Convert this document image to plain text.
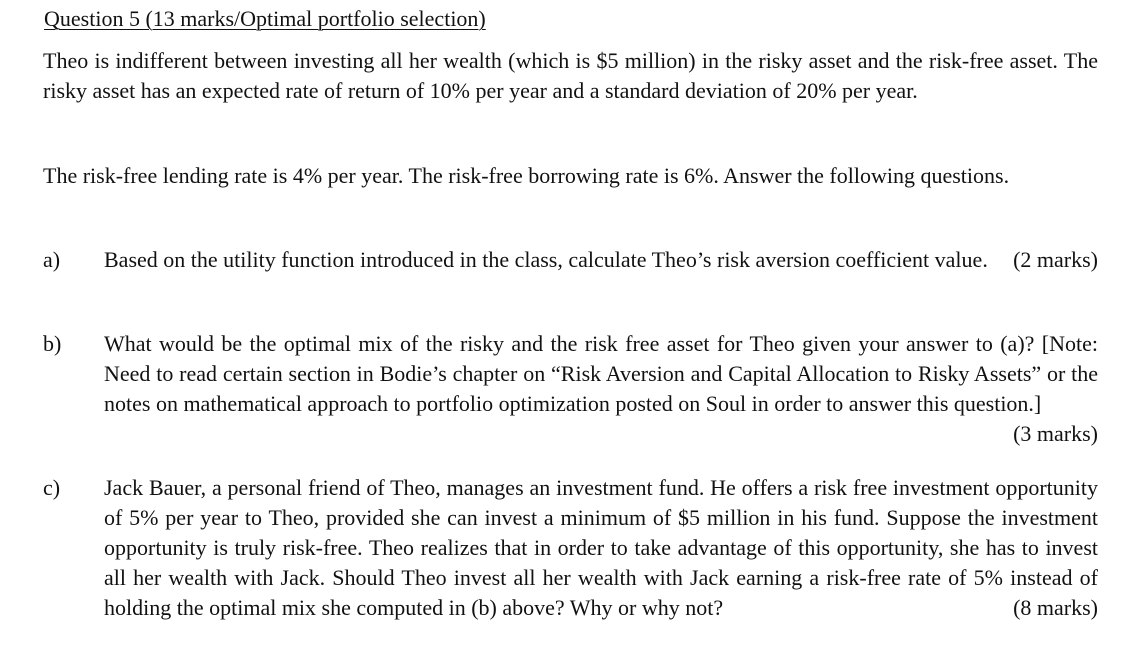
Question 5 (13 marks/Optimal portfolio selection)
Theo is indifferent between investing all her wealth (which is $5 million) in the risky asset and the risk-free asset. The risky asset has an expected rate of return of 10% per year and a standard deviation of 20% per year.
The risk-free lending rate is 4% per year. The risk-free borrowing rate is 6%. Answer the following questions.
a) Based on the utility function introduced in the class, calculate Theo’s risk aversion coefficient value. (2 marks)
b) What would be the optimal mix of the risky and the risk free asset for Theo given your answer to (a)? [Note: Need to read certain section in Bodie’s chapter on “Risk Aversion and Capital Allocation to Risky Assets” or the notes on mathematical approach to portfolio optimization posted on Soul in order to answer this question.]
(3 marks)
c) Jack Bauer, a personal friend of Theo, manages an investment fund. He offers a risk free investment opportunity of 5% per year to Theo, provided she can invest a minimum of $5 million in his fund. Suppose the investment opportunity is truly risk-free. Theo realizes that in order to take advantage of this opportunity, she has to invest all her wealth with Jack. Should Theo invest all her wealth with Jack earning a risk-free rate of 5% instead of holding the optimal mix she computed in (b) above? Why or why not?	(8 marks)
